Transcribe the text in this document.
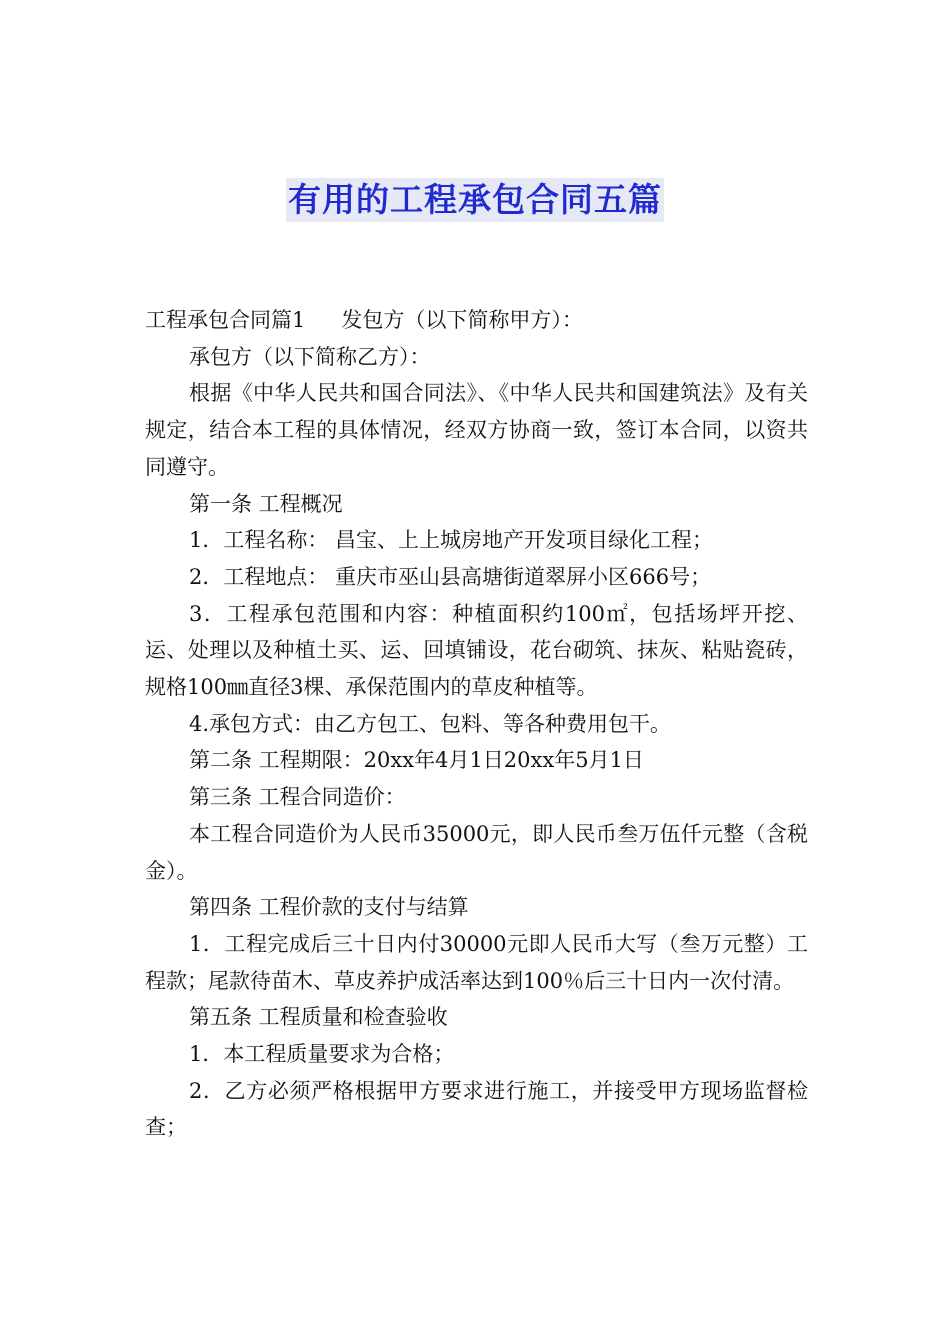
有用的工程承包合同五篇

工程承包合同篇1 发包方（以下简称甲方）：

承包方（以下简称乙方）：

根据《中华人民共和国合同法》、《中华人民共和国建筑法》及有关规定，结合本工程的具体情况，经双方协商一致，签订本合同，以资共同遵守。

第一条 工程概况

1．工程名称： 昌宝、上上城房地产开发项目绿化工程；

2．工程地点： 重庆市巫山县高塘街道翠屏小区666号；

3．工程承包范围和内容：种植面积约100㎡，包括场坪开挖、运、处理以及种植土买、运、回填铺设，花台砌筑、抹灰、粘贴瓷砖，规格100㎜直径3棵、承保范围内的草皮种植等。

4.承包方式：由乙方包工、包料、等各种费用包干。

第二条 工程期限：20xx年4月1日20xx年5月1日

第三条 工程合同造价：

本工程合同造价为人民币35000元，即人民币叁万伍仟元整（含税金）。

第四条 工程价款的支付与结算

1．工程完成后三十日内付30000元即人民币大写（叁万元整）工程款；尾款待苗木、草皮养护成活率达到100％后三十日内一次付清。

第五条 工程质量和检查验收

1．本工程质量要求为合格；

2．乙方必须严格根据甲方要求进行施工，并接受甲方现场监督检查；
